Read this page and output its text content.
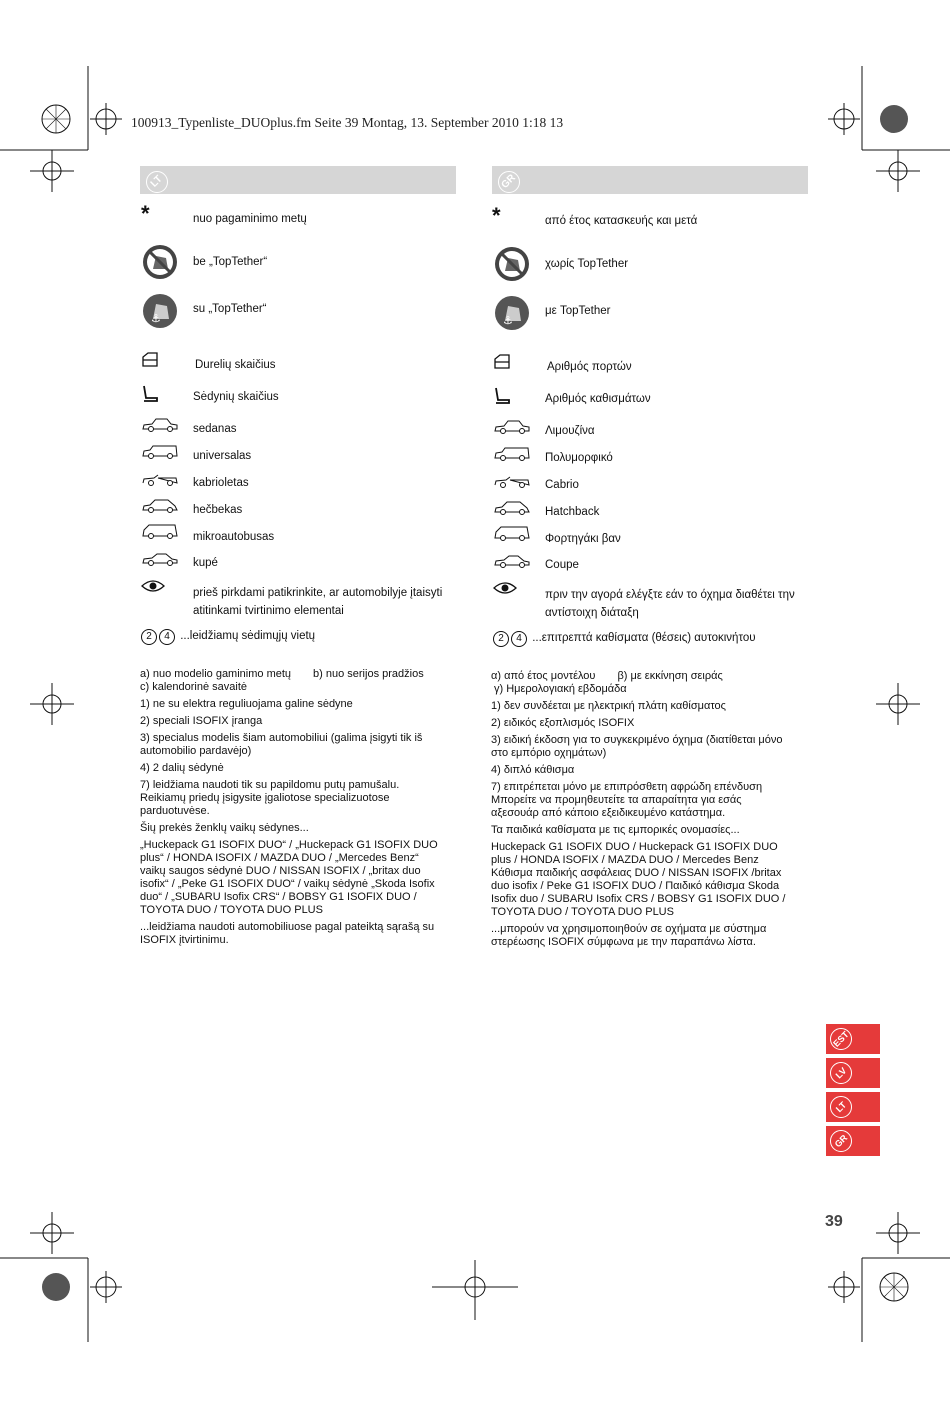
100913_Typenliste_DUOplus.fm Seite 39 Montag, 13. September 2010 1:18 13
LT
*	nuo pagaminimo metų
be „TopTether“
⚓
su „TopTether“
Durelių skaičius
Sėdynių skaičius
sedanas
universalas
kabrioletas
hečbekas
mikroautobusas
kupé
prieš pirkdami patikrinkite, ar automobilyje įtaisyti
atitinkami tvirtinimo elementai
2 4 ...leidžiamų sėdimųjų vietų

a) nuo modelio gaminimo metų b) nuo serijos pradžios
c) kalendorinė savaitė

1) ne su elektra reguliuojama galine sėdyne

2) speciali ISOFIX įranga

3) specialus modelis šiam automobiliui (galima įsigyti tik iš automobilio pardavėjo)

4) 2 dalių sėdynė

7) leidžiama naudoti tik su papildomu putų pamušalu. Reikiamų priedų įsigysite įgaliotose specializuotose parduotuvėse.

Šių prekės ženklų vaikų sėdynes...

„Huckepack G1 ISOFIX DUO“ / „Huckepack G1 ISOFIX DUO plus“ / HONDA ISOFIX / MAZDA DUO / „Mercedes Benz“ vaikų saugos sėdynė DUO / NISSAN ISOFIX / „britax duo isofix“ / „Peke G1 ISOFIX DUO“ / vaikų sėdynė „Skoda Isofix duo“ / „SUBARU Isofix CRS“ / BOBSY G1 ISOFIX DUO / TOYOTA DUO / TOYOTA DUO PLUS

...leidžiama naudoti automobiliuose pagal pateiktą sąrašą su ISOFIX įtvirtinimu.

GR
*	από έτος κατασκευής και μετά
χωρίς TopTether
⚓
με TopTether
Αριθμός πορτών
Αριθμός καθισμάτων
Λιμουζίνα
Πολυμορφικό
Cabrio
Hatchback
Φορτηγάκι βαν
Coupe
πριν την αγορά ελέγξτε εάν το όχημα διαθέτει την
αντίστοιχη διάταξη
2 4 ...επιτρεπτά καθίσματα (θέσεις) αυτοκινήτου

α) από έτος μοντέλου β) με εκκίνηση σειράς
γ) Ημερολογιακή εβδομάδα

1) δεν συνδέεται με ηλεκτρική πλάτη καθίσματος

2) ειδικός εξοπλισμός ISOFIX

3) ειδική έκδοση για το συγκεκριμένο όχημα (διατίθεται μόνο στο εμπόριο οχημάτων)

4) διπλό κάθισμα

7) επιτρέπεται μόνο με επιπρόσθετη αφρώδη επένδυση Μπορείτε να προμηθευτείτε τα απαραίτητα για εσάς αξεσουάρ από κάποιο εξειδικευμένο κατάστημα.

Τα παιδικά καθίσματα με τις εμπορικές ονομασίες...

Huckepack G1 ISOFIX DUO / Huckepack G1 ISOFIX DUO plus / HONDA ISOFIX / MAZDA DUO / Mercedes Benz Κάθισμα παιδικής ασφάλειας DUO / NISSAN ISOFIX /britax duo isofix / Peke G1 ISOFIX DUO / Παιδικό κάθισμα Skoda Isofix duo / SUBARU Isofix CRS / BOBSY G1 ISOFIX DUO / TOYOTA DUO / TOYOTA DUO PLUS

...μπορούν να χρησιμοποιηθούν σε οχήματα με σύστημα στερέωσης ISOFIX σύμφωνα με την παραπάνω λίστα.

EST
LV
LT
GR
39
